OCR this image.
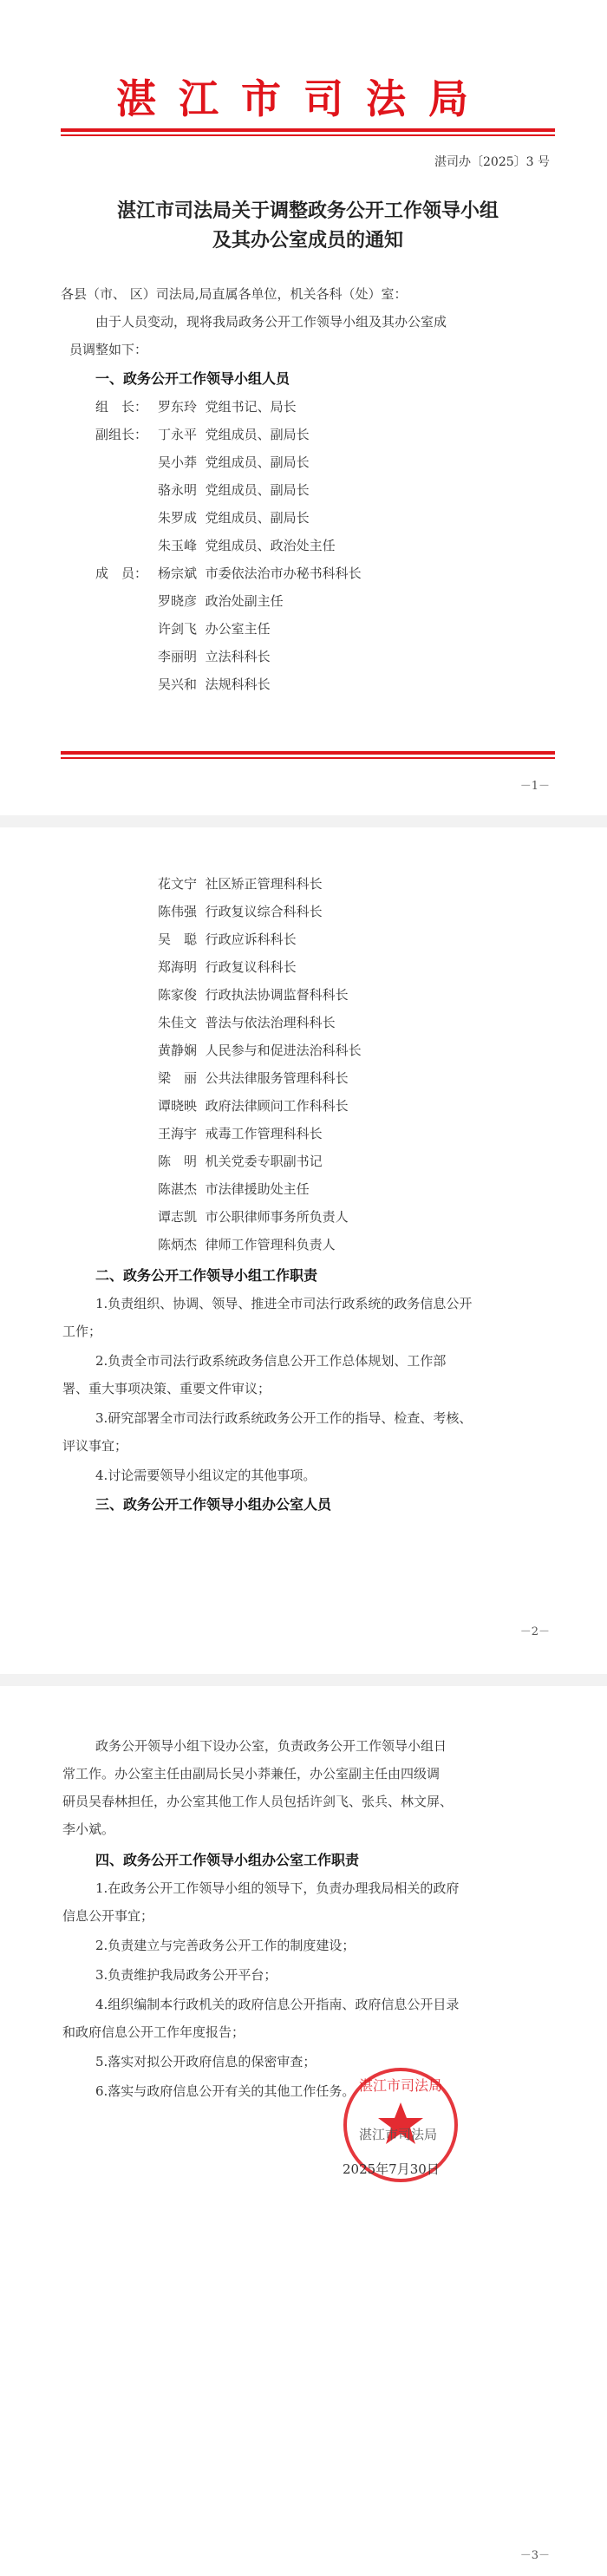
湛江市司法局
湛司办〔2025〕3 号
湛江市司法局关于调整政务公开工作领导小组
及其办公室成员的通知
各县（市、 区）司法局,局直属各单位，机关各科（处）室：
由于人员变动，现将我局政务公开工作领导小组及其办公室成
员调整如下：
一、政务公开工作领导小组人员
组　长： 罗东玲 党组书记、局长
副组长： 丁永平 党组成员、副局长
吴小莽 党组成员、副局长
骆永明 党组成员、副局长
朱罗成 党组成员、副局长
朱玉峰 党组成员、政治处主任
成　员： 杨宗斌 市委依法治市办秘书科科长
罗晓彦 政治处副主任
许剑飞 办公室主任
李丽明 立法科科长
吴兴和 法规科科长
－1－
花文宁 社区矫正管理科科长
陈伟强 行政复议综合科科长
吴　聪 行政应诉科科长
郑海明 行政复议科科长
陈家俊 行政执法协调监督科科长
朱佳文 普法与依法治理科科长
黄静娴 人民参与和促进法治科科长
梁　丽 公共法律服务管理科科长
谭晓映 政府法律顾问工作科科长
王海宇 戒毒工作管理科科长
陈　明 机关党委专职副书记
陈湛杰 市法律援助处主任
谭志凯 市公职律师事务所负责人
陈炳杰 律师工作管理科负责人
二、政务公开工作领导小组工作职责
1.负责组织、协调、领导、推进全市司法行政系统的政务信息公开
工作；
2.负责全市司法行政系统政务信息公开工作总体规划、工作部
署、重大事项决策、重要文件审议；
3.研究部署全市司法行政系统政务公开工作的指导、检查、考核、
评议事宜；
4.讨论需要领导小组议定的其他事项。
三、政务公开工作领导小组办公室人员
－2－
政务公开领导小组下设办公室，负责政务公开工作领导小组日
常工作。办公室主任由副局长吴小莽兼任，办公室副主任由四级调
研员吴春林担任，办公室其他工作人员包括许剑飞、张兵、林文屏、
李小斌。
四、政务公开工作领导小组办公室工作职责
1.在政务公开工作领导小组的领导下，负责办理我局相关的政府
信息公开事宜；
2.负责建立与完善政务公开工作的制度建设；
3.负责维护我局政务公开平台；
4.组织编制本行政机关的政府信息公开指南、政府信息公开目录
和政府信息公开工作年度报告；
5.落实对拟公开政府信息的保密审查；
6.落实与政府信息公开有关的其他工作任务。 湛江市司法局
湛江市司法局
2025年7月30日
－3－
